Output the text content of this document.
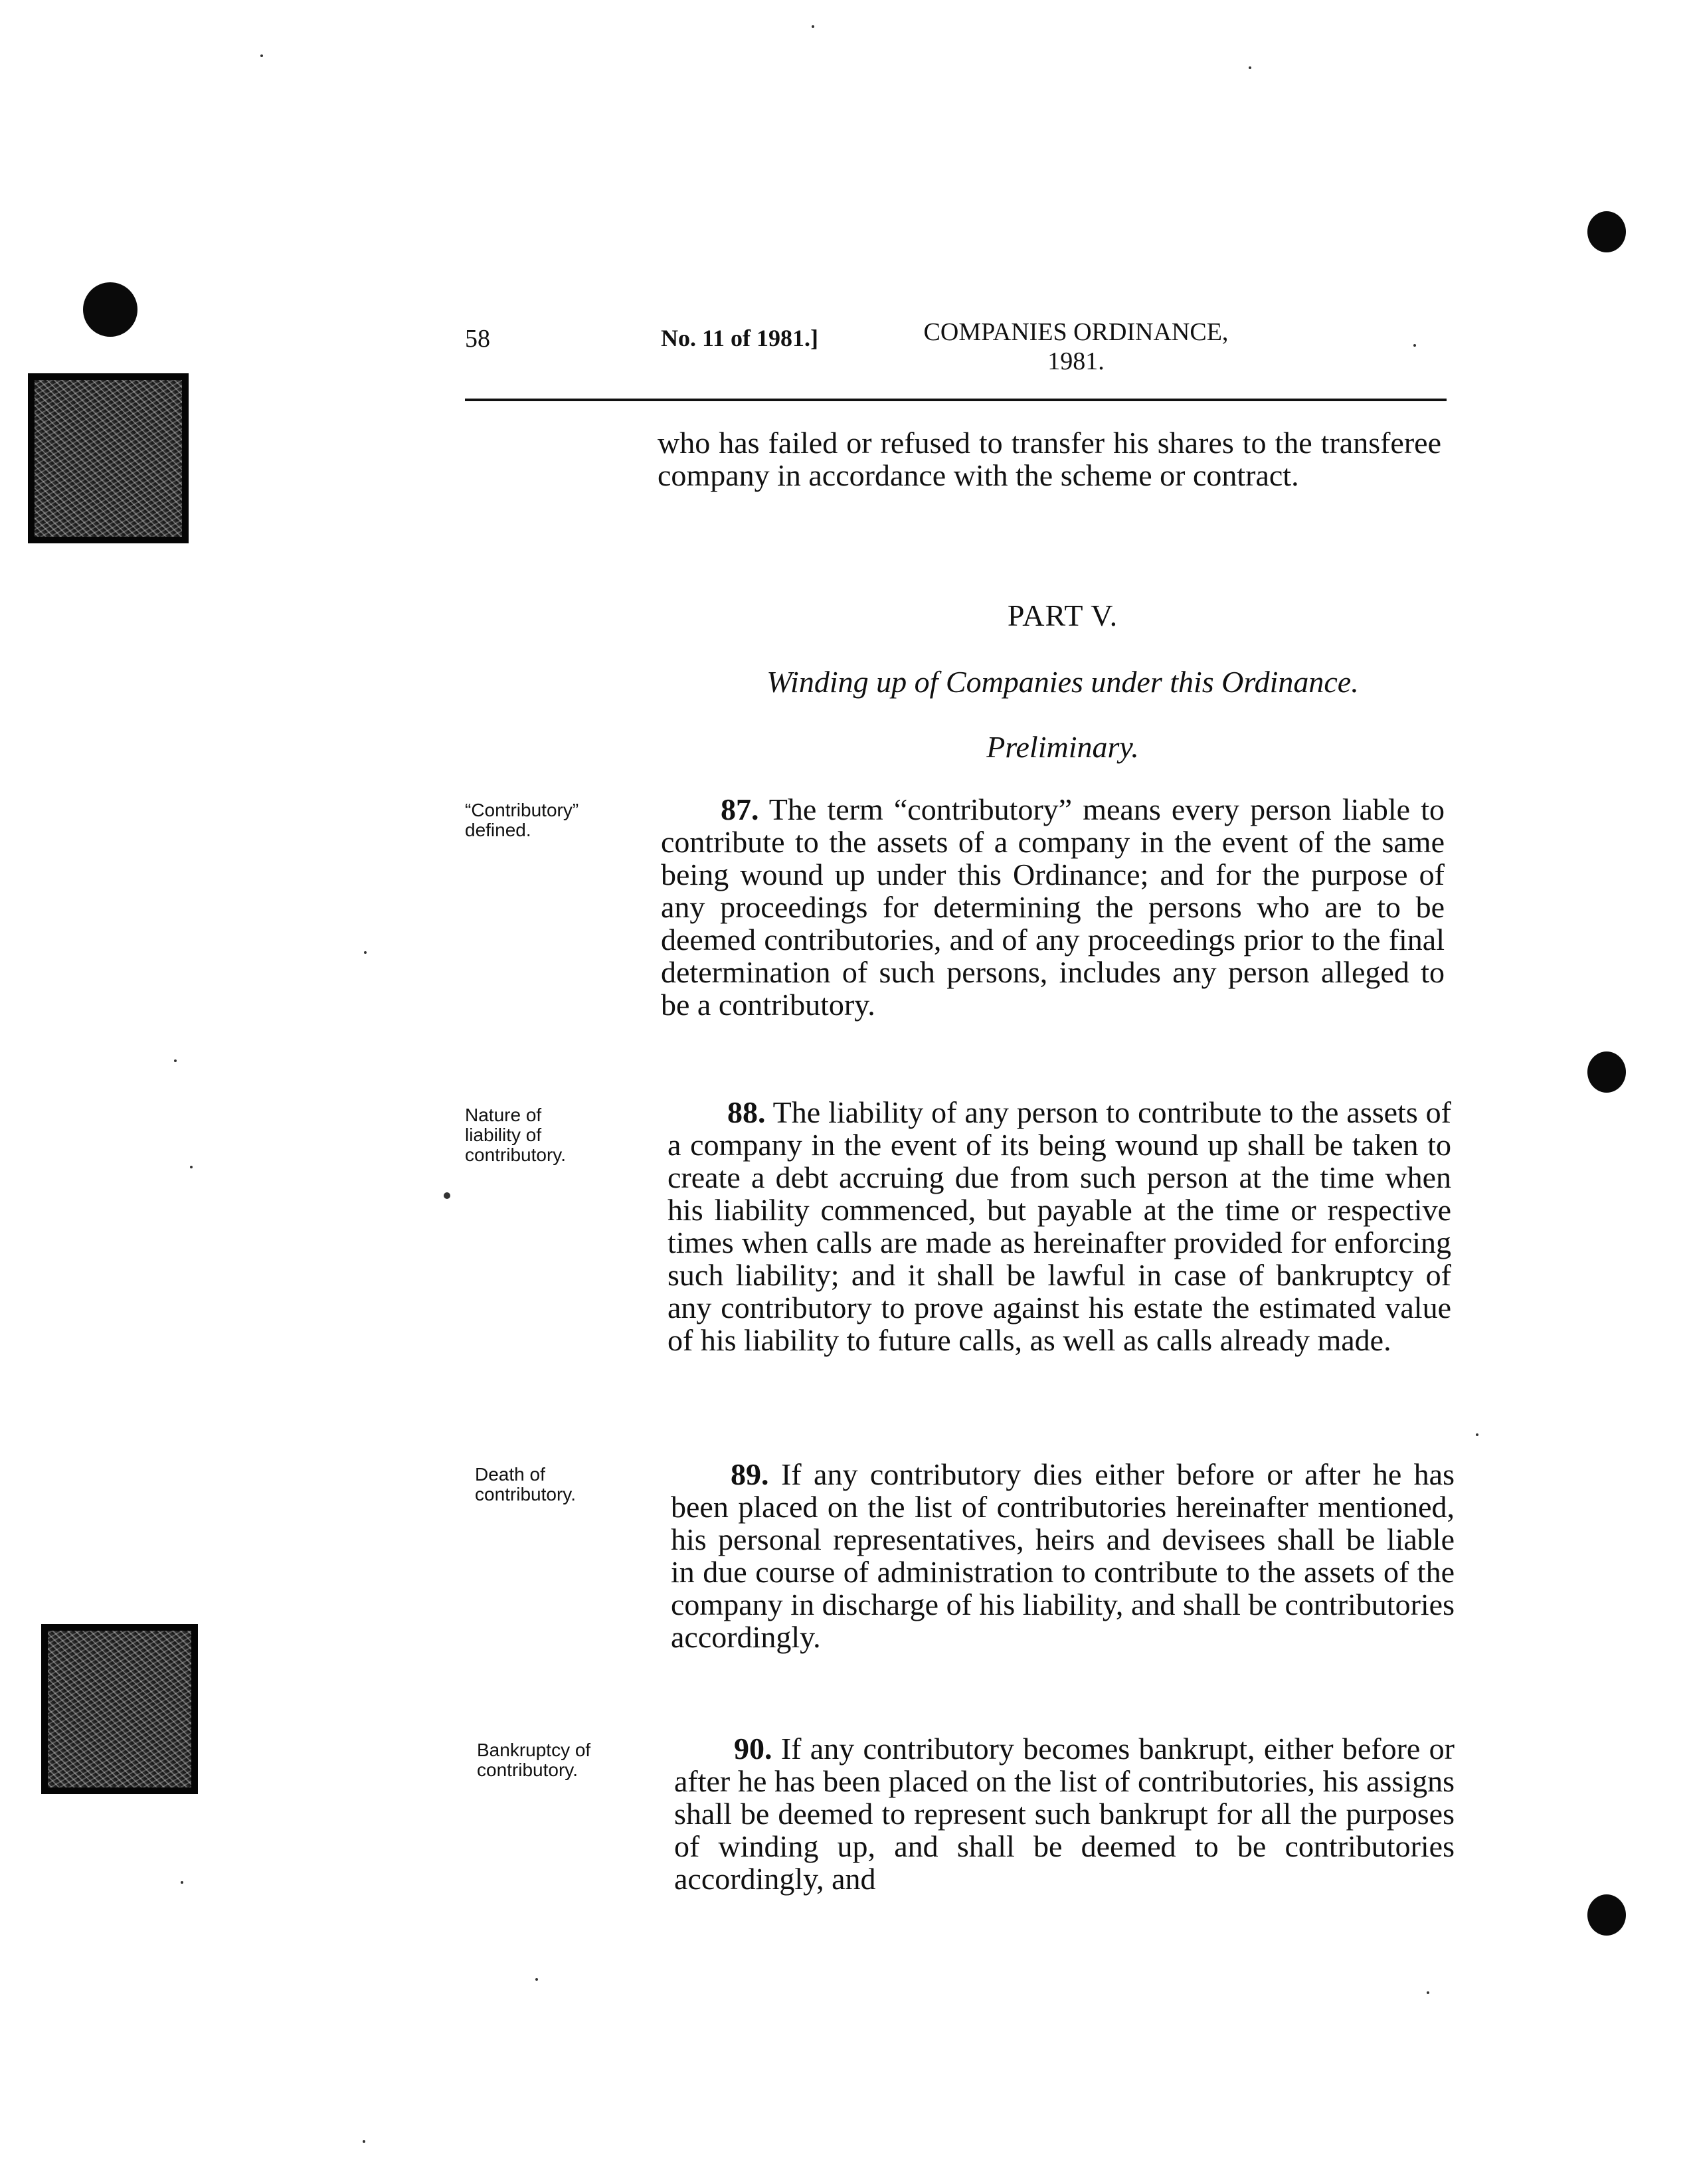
58	No. 11 of 1981.]	COMPANIES ORDINANCE, 1981.
who has failed or refused to transfer his shares to the transferee company in accordance with the scheme or contract.
PART V.
Winding up of Companies under this Ordinance.
Preliminary.
“Contributory” defined.
87. The term “contributory” means every person liable to contribute to the assets of a company in the event of the same being wound up under this Ordinance; and for the purpose of any proceedings for determining the persons who are to be deemed contributories, and of any proceedings prior to the final determination of such persons, includes any person alleged to be a contributory.
Nature of liability of contributory.
88. The liability of any person to contribute to the assets of a company in the event of its being wound up shall be taken to create a debt accruing due from such person at the time when his liability commenced, but payable at the time or respective times when calls are made as hereinafter provided for enforcing such liability; and it shall be lawful in case of bankruptcy of any contributory to prove against his estate the estimated value of his liability to future calls, as well as calls already made.
Death of contributory.
89. If any contributory dies either before or after he has been placed on the list of contributories hereinafter mentioned, his personal representatives, heirs and devisees shall be liable in due course of administration to contribute to the assets of the company in discharge of his liability, and shall be contributories accordingly.
Bankruptcy of contributory.
90. If any contributory becomes bankrupt, either before or after he has been placed on the list of contributories, his assigns shall be deemed to represent such bankrupt for all the purposes of winding up, and shall be deemed to be contributories accordingly, and
